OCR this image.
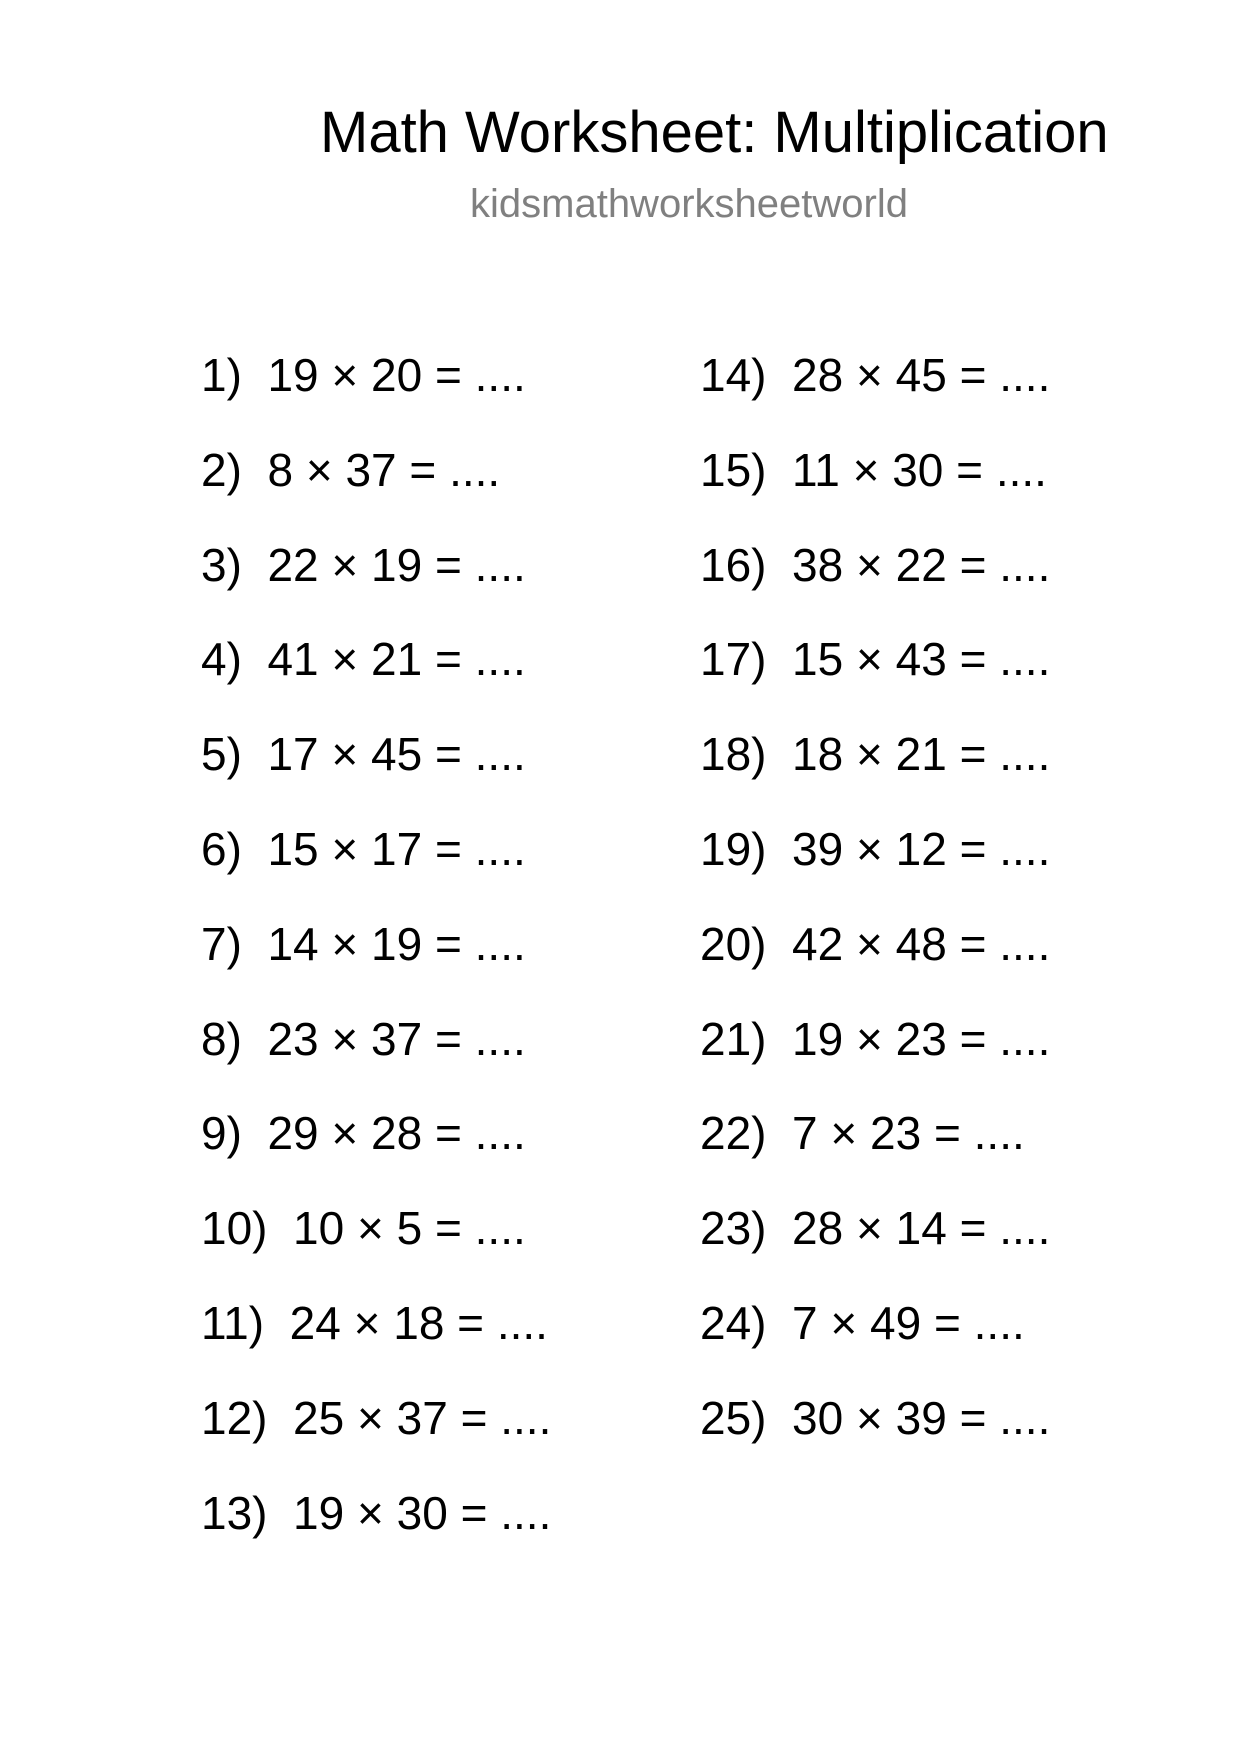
Math Worksheet: Multiplication
kidsmathworksheetworld
1) 19 × 20 = ....
2) 8 × 37 = ....
3) 22 × 19 = ....
4) 41 × 21 = ....
5) 17 × 45 = ....
6) 15 × 17 = ....
7) 14 × 19 = ....
8) 23 × 37 = ....
9) 29 × 28 = ....
10) 10 × 5 = ....
11) 24 × 18 = ....
12) 25 × 37 = ....
13) 19 × 30 = ....
14) 28 × 45 = ....
15) 11 × 30 = ....
16) 38 × 22 = ....
17) 15 × 43 = ....
18) 18 × 21 = ....
19) 39 × 12 = ....
20) 42 × 48 = ....
21) 19 × 23 = ....
22) 7 × 23 = ....
23) 28 × 14 = ....
24) 7 × 49 = ....
25) 30 × 39 = ....
